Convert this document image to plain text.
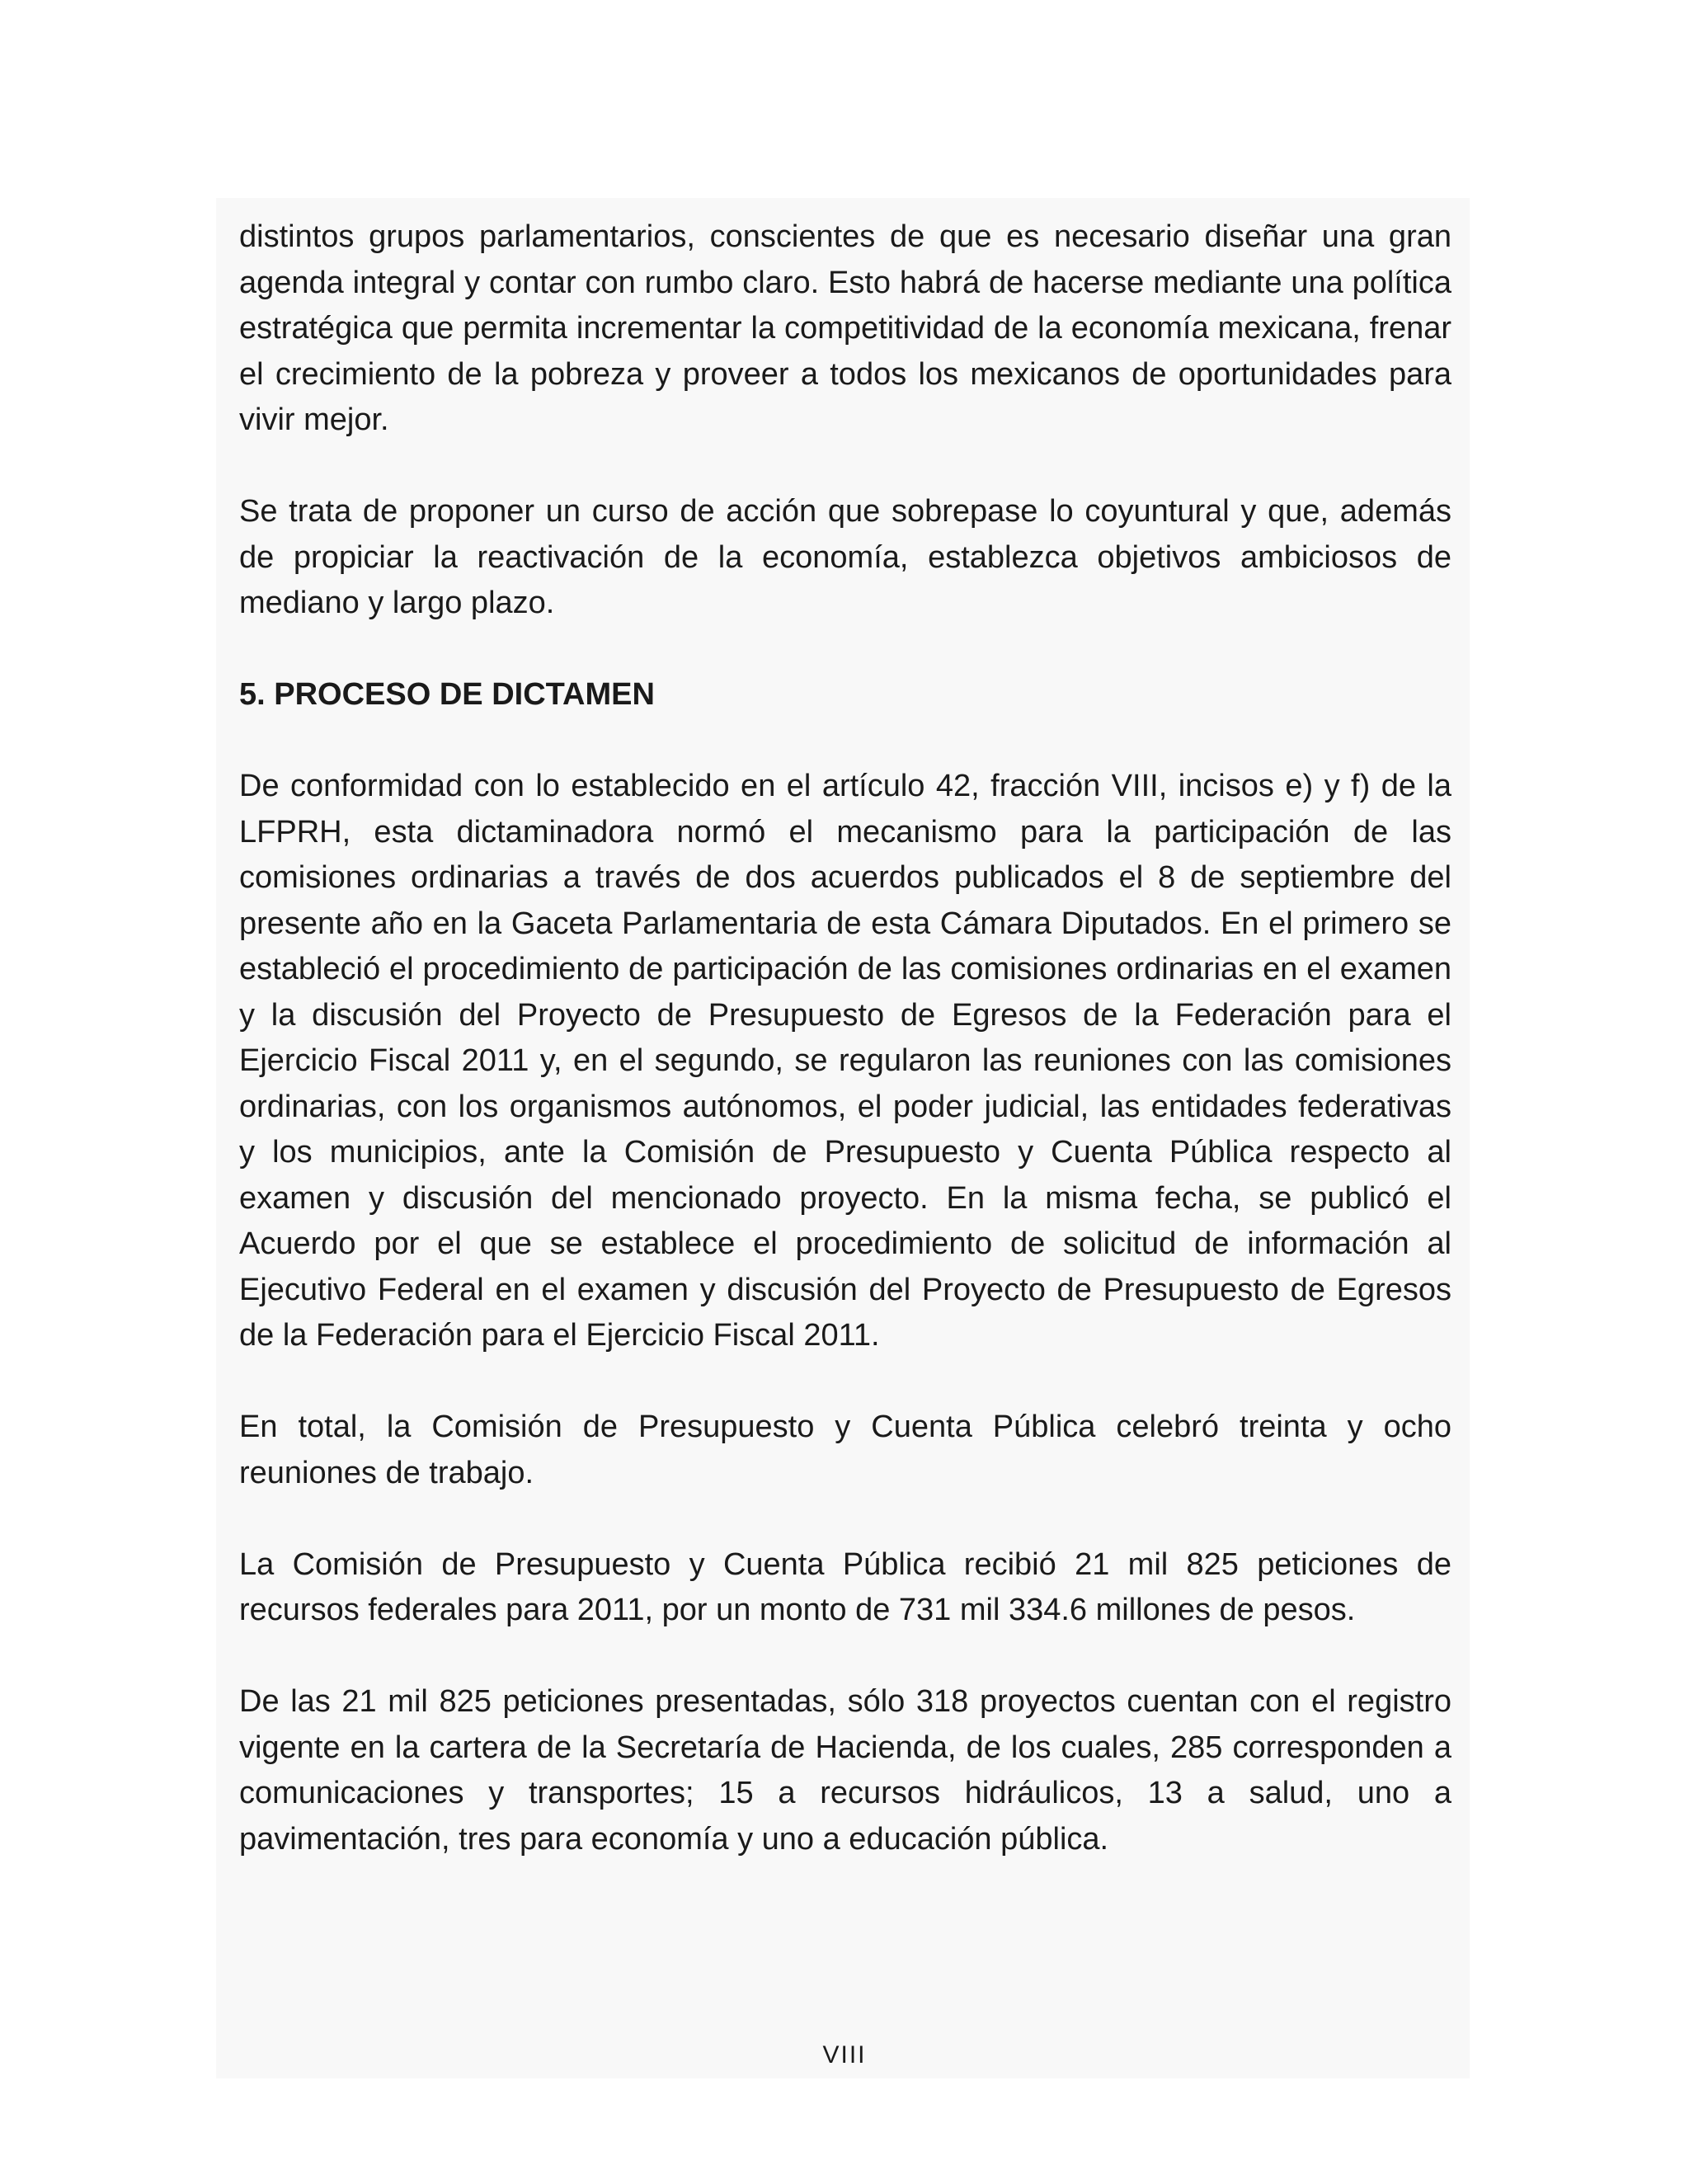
distintos grupos parlamentarios, conscientes de que es necesario diseñar una gran agenda integral y contar con rumbo claro. Esto habrá de hacerse mediante una política estratégica que permita incrementar la competitividad de la economía mexicana, frenar el crecimiento de la pobreza y proveer a todos los mexicanos de oportunidades para vivir mejor.

Se trata de proponer un curso de acción que sobrepase lo coyuntural y que, además de propiciar la reactivación de la economía, establezca objetivos ambiciosos de mediano y largo plazo.

5. PROCESO DE DICTAMEN

De conformidad con lo establecido en el artículo 42, fracción VIII, incisos e) y f) de la LFPRH, esta dictaminadora normó el mecanismo para la participación de las comisiones ordinarias a través de dos acuerdos publicados el 8 de septiembre del presente año en la Gaceta Parlamentaria de esta Cámara Diputados. En el primero se estableció el procedimiento de participación de las comisiones ordinarias en el examen y la discusión del Proyecto de Presupuesto de Egresos de la Federación para el Ejercicio Fiscal 2011 y, en el segundo, se regularon las reuniones con las comisiones ordinarias, con los organismos autónomos, el poder judicial, las entidades federativas y los municipios, ante la Comisión de Presupuesto y Cuenta Pública respecto al examen y discusión del mencionado proyecto. En la misma fecha, se publicó el Acuerdo por el que se establece el procedimiento de solicitud de información al Ejecutivo Federal en el examen y discusión del Proyecto de Presupuesto de Egresos de la Federación para el Ejercicio Fiscal 2011.

En total, la Comisión de Presupuesto y Cuenta Pública celebró treinta y ocho reuniones de trabajo.

La Comisión de Presupuesto y Cuenta Pública recibió 21 mil 825 peticiones de recursos federales para 2011, por un monto de 731 mil 334.6 millones de pesos.

De las 21 mil 825 peticiones presentadas, sólo 318 proyectos cuentan con el registro vigente en la cartera de la Secretaría de Hacienda, de los cuales, 285 corresponden a comunicaciones y transportes; 15 a recursos hidráulicos, 13 a salud, uno a pavimentación, tres para economía y uno a educación pública.

VIII
